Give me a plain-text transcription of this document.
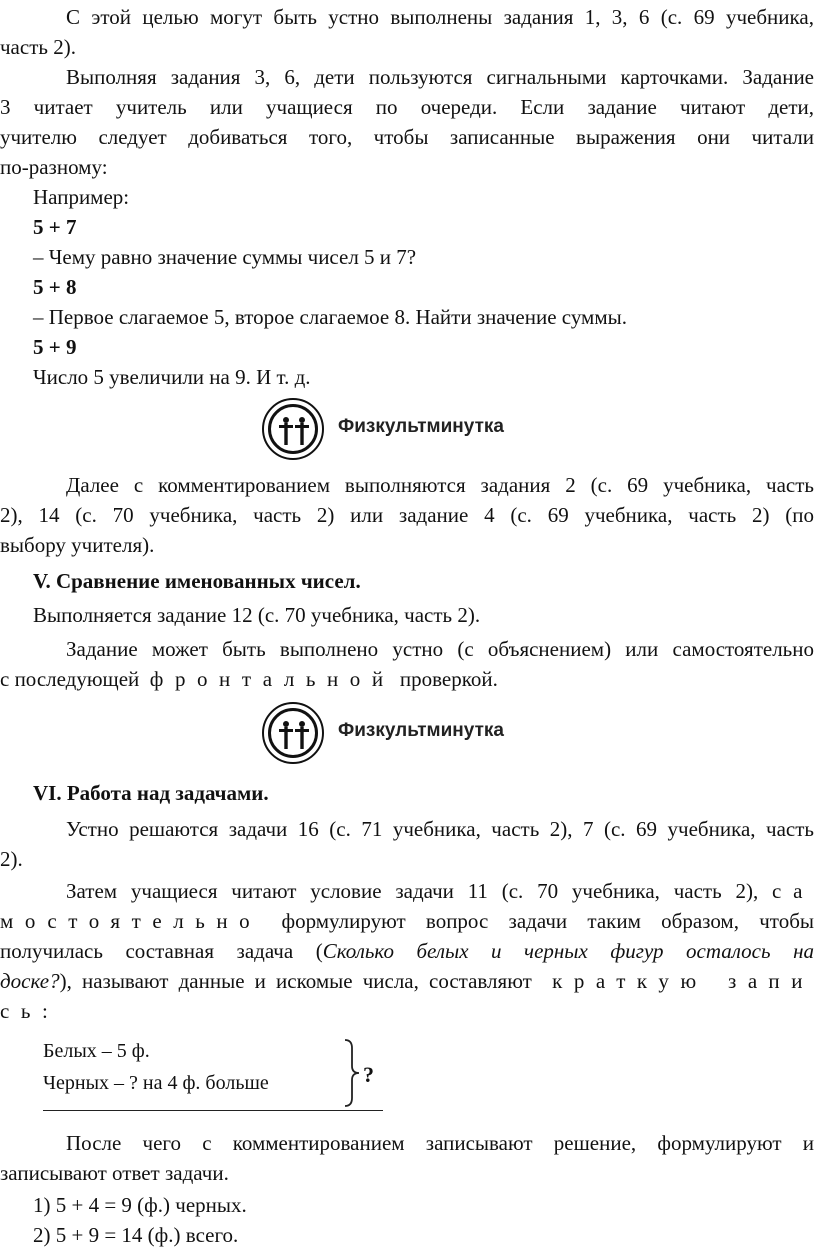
С этой целью могут быть устно выполнены задания 1, 3, 6 (с. 69 учебника,
часть 2).
Выполняя задания 3, 6, дети пользуются сигнальными карточками. Задание
3 читает учитель или учащиеся по очереди. Если задание читают дети,
учителю следует добиваться того, чтобы записанные выражения они читали
по-разному:
Например:
5 + 7
– Чему равно значение суммы чисел 5 и 7?
5 + 8
– Первое слагаемое 5, второе слагаемое 8. Найти значение суммы.
5 + 9
Число 5 увеличили на 9. И т. д.
Физкультминутка
Далее с комментированием выполняются задания 2 (с. 69 учебника, часть
2), 14 (с. 70 учебника, часть 2) или задание 4 (с. 69 учебника, часть 2) (по
выбору учителя).
V. Сравнение именованных чисел.
Выполняется задание 12 (с. 70 учебника, часть 2).
Задание может быть выполнено устно (с объяснением) или самостоятельно
с последующей фронтальной проверкой.
Физкультминутка
VI. Работа над задачами.
Устно решаются задачи 16 (с. 71 учебника, часть 2), 7 (с. 69 учебника, часть
2).
Затем учащиеся читают условие задачи 11 (с. 70 учебника, часть 2), са
мостоятельно формулируют вопрос задачи таким образом, чтобы
получилась составная задача (Сколько белых и черных фигур осталось на
доске?), называют данные и искомые числа, составляют краткую запи
сь:
Белых – 5 ф.
Черных – ? на 4 ф. больше	?
После чего с комментированием записывают решение, формулируют и
записывают ответ задачи.
1) 5 + 4 = 9 (ф.) черных.
2) 5 + 9 = 14 (ф.) всего.
